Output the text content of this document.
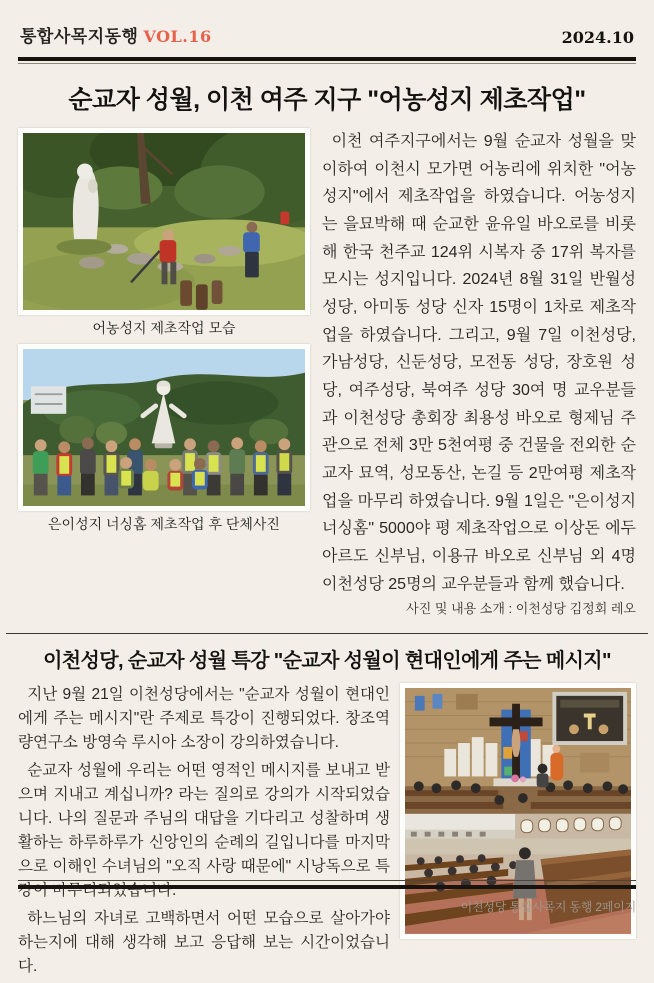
통합사목지동행 VOL.16	2024.10
순교자 성월, 이천 여주 지구 "어농성지 제초작업"
어농성지 제초작업 모습
은이성지 너싱홈 제초작업 후 단체사진

이천 여주지구에서는 9월 순교자 성월을 맞이하여 이천시 모가면 어농리에 위치한 "어농성지"에서 제초작업을 하였습니다. 어농성지는 을묘박해 때 순교한 윤유일 바오로를 비롯해 한국 천주교 124위 시복자 중 17위 복자를 모시는 성지입니다. 2024년 8월 31일 반월성 성당, 아미동 성당 신자 15명이 1차로 제초작업을 하였습니다. 그리고, 9월 7일 이천성당, 가남성당, 신둔성당, 모전동 성당, 장호원 성당, 여주성당, 북여주 성당 30여 명 교우분들과 이천성당 총회장 최용성 바오로 형제님 주관으로 전체 3만 5천여평 중 건물을 전외한 순교자 묘역, 성모동산, 논길 등 2만여평 제초작업을 마무리 하였습니다. 9월 1일은 "은이성지 너싱홈" 5000야 평 제초작업으로 이상돈 에두아르도 신부님, 이용규 바오로 신부님 외 4명 이천성당 25명의 교우분들과 함께 했습니다.

사진 및 내용 소개 : 이천성당 김정회 레오

이천성당, 순교자 성월 특강 "순교자 성월이 현대인에게 주는 메시지"

지난 9월 21일 이천성당에서는 "순교자 성월이 현대인에게 주는 메시지"란 주제로 특강이 진행되었다. 창조역량연구소 방영숙 루시아 소장이 강의하였습니다.

순교자 성월에 우리는 어떤 영적인 메시지를 보내고 받으며 지내고 계십니까? 라는 질의로 강의가 시작되었습니다. 나의 질문과 주님의 대답을 기다리고 성찰하며 생활하는 하루하루가 신앙인의 순례의 길입니다를 마지막으로 이해인 수녀님의 "오직 사랑 때문에" 시낭독으로 특강이 마무리되었습니다.

하느님의 자녀로 고백하면서 어떤 모습으로 살아가야하는지에 대해 생각해 보고 응답해 보는 시간이었습니다.

이천성당 통합사목지 동행 2페이지
